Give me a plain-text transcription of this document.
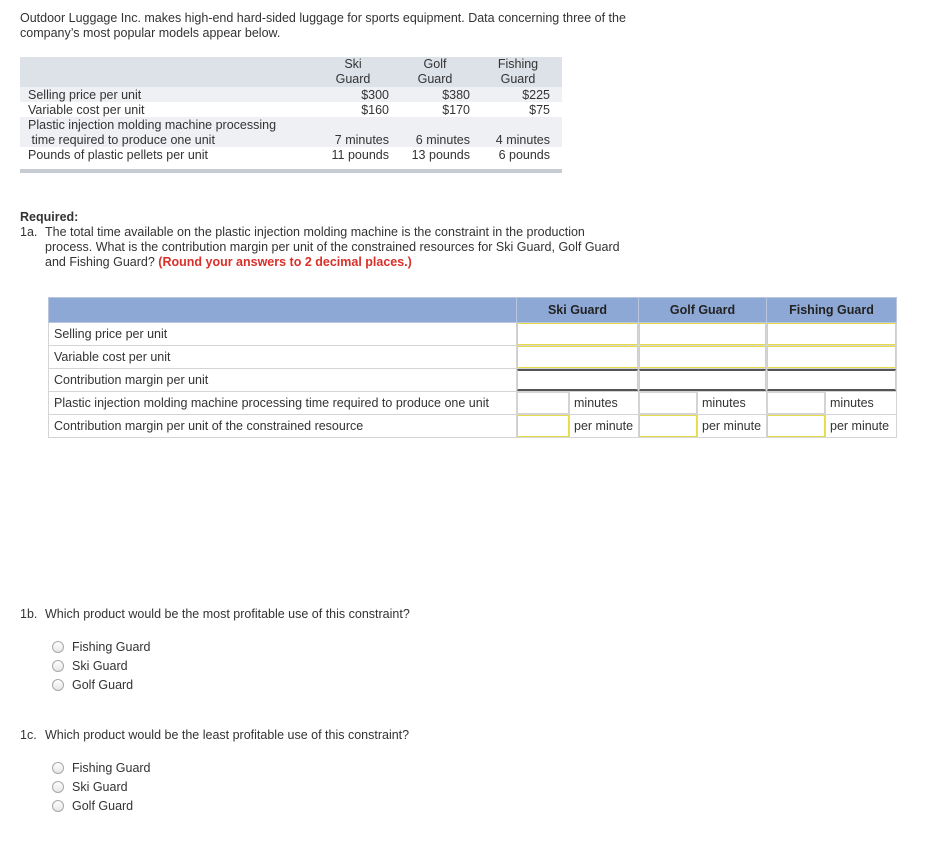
Outdoor Luggage Inc. makes high-end hard-sided luggage for sports equipment. Data concerning three of the company’s most popular models appear below.
Ski
Guard
Golf
Guard
Fishing
Guard
Selling price per unit	$300	$380	$225
Variable cost per unit	$160	$170	$75
Plastic injection molding machine processing
time required to produce one unit	7 minutes 6 minutes 4 minutes
Pounds of plastic pellets per unit	11 pounds 13 pounds 6 pounds
Required:
1a. The total time available on the plastic injection molding machine is the constraint in the production process. What is the contribution margin per unit of the constrained resources for Ski Guard, Golf Guard and Fishing Guard? (Round your answers to 2 decimal places.)
	Ski Guard		Golf Guard		Fishing Guard	
Selling price per unit				

Variable cost per unit				

Contribution margin per unit				

Plastic injection molding machine processing time required to produce one unit		minutes		minutes		minutes
Contribution margin per unit of the constrained resource		per minute		per minute		per minute
1b. Which product would be the most profitable use of this constraint?
Fishing Guard
Ski Guard
Golf Guard
1c. Which product would be the least profitable use of this constraint?
Fishing Guard
Ski Guard
Golf Guard
